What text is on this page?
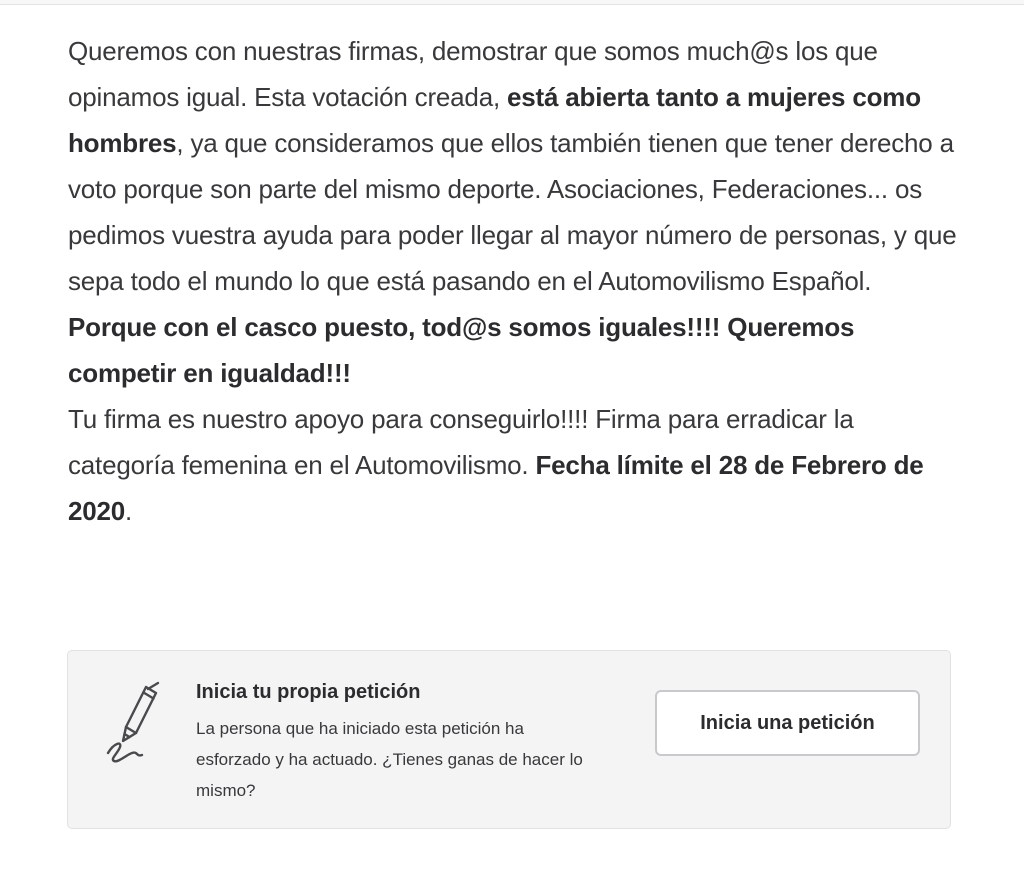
Queremos con nuestras firmas, demostrar que somos much@s los que opinamos igual. Esta votación creada, está abierta tanto a mujeres como hombres, ya que consideramos que ellos también tienen que tener derecho a voto porque son parte del mismo deporte. Asociaciones, Federaciones... os pedimos vuestra ayuda para poder llegar al mayor número de personas, y que sepa todo el mundo lo que está pasando en el Automovilismo Español. Porque con el casco puesto, tod@s somos iguales!!!! Queremos competir en igualdad!!!

Tu firma es nuestro apoyo para conseguirlo!!!! Firma para erradicar la categoría femenina en el Automovilismo. Fecha límite el 28 de Febrero de 2020.

Inicia tu propia petición

La persona que ha iniciado esta petición ha esforzado y ha actuado. ¿Tienes ganas de hacer lo mismo?

Inicia una petición
